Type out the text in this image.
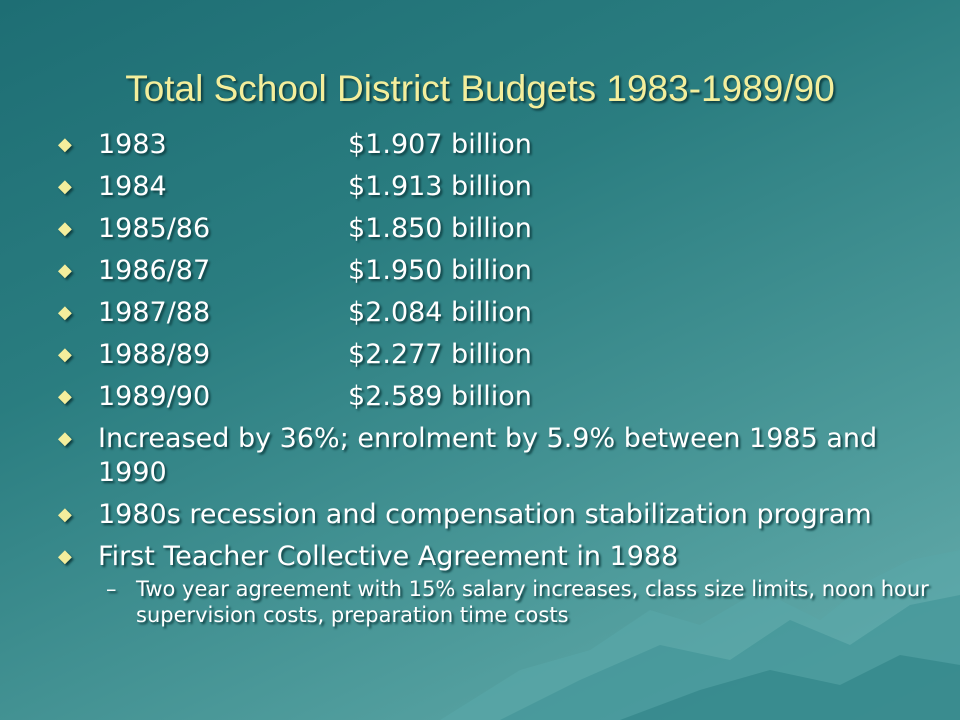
Total School District Budgets 1983-1989/90
◆ 1983	$1.907 billion
◆ 1984	$1.913 billion
◆ 1985/86	$1.850 billion
◆ 1986/87	$1.950 billion
◆ 1987/88	$2.084 billion
◆ 1988/89	$2.277 billion
◆ 1989/90	$2.589 billion
◆ Increased by 36%; enrolment by 5.9% between 1985 and 1990
◆ 1980s recession and compensation stabilization program
◆ First Teacher Collective Agreement in 1988
– Two year agreement with 15% salary increases, class size limits, noon hour supervision costs, preparation time costs
